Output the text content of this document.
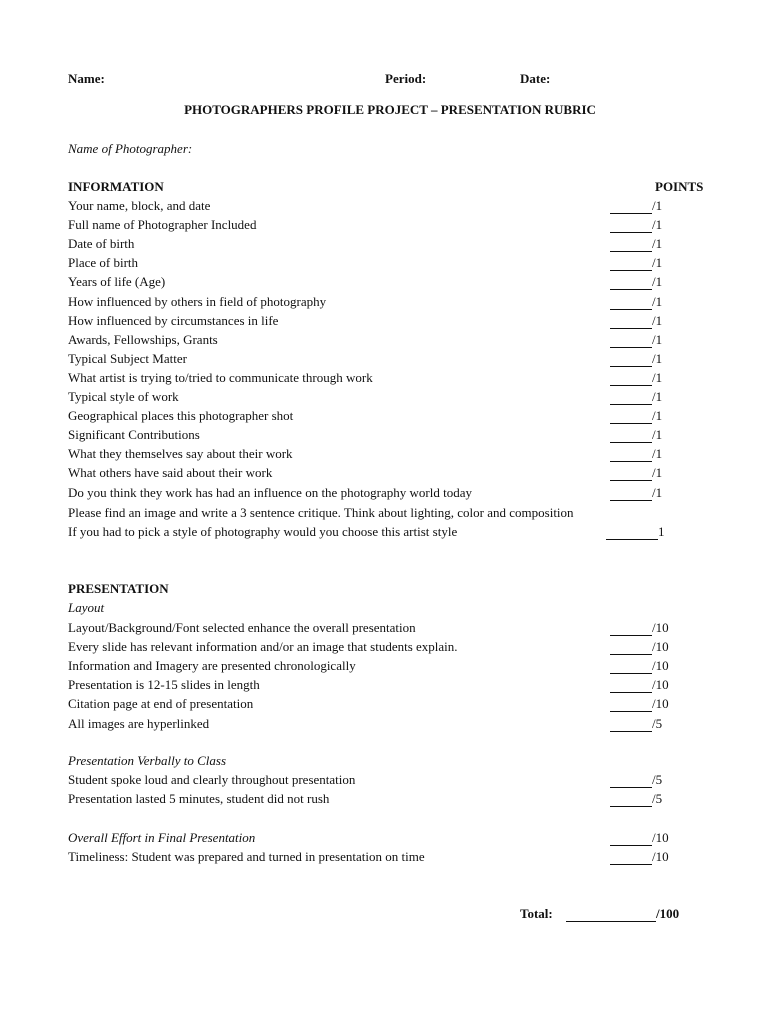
Name:	Period:	Date:
PHOTOGRAPHERS PROFILE PROJECT – PRESENTATION RUBRIC
Name of Photographer:
INFORMATION	POINTS
Your name, block, and date	/1
Full name of Photographer Included	/1
Date of birth	/1
Place of birth	/1
Years of life (Age)	/1
How influenced by others in field of photography	/1
How influenced by circumstances in life	/1
Awards, Fellowships, Grants	/1
Typical Subject Matter	/1
What artist is trying to/tried to communicate through work	/1
Typical style of work	/1
Geographical places this photographer shot	/1
Significant Contributions	/1
What they themselves say about their work	/1
What others have said about their work	/1
Do you think they work has had an influence on the photography world today	/1
Please find an image and write a 3 sentence critique. Think about lighting, color and composition
If you had to pick a style of photography would you choose this artist style	1
PRESENTATION
Layout
Layout/Background/Font selected enhance the overall presentation	/10
Every slide has relevant information and/or an image that students explain.	/10
Information and Imagery are presented chronologically	/10
Presentation is 12-15 slides in length	/10
Citation page at end of presentation	/10
All images are hyperlinked	/5
Presentation Verbally to Class
Student spoke loud and clearly throughout presentation	/5
Presentation lasted 5 minutes, student did not rush	/5
Overall Effort in Final Presentation	/10
Timeliness: Student was prepared and turned in presentation on time	/10
Total:	/100
